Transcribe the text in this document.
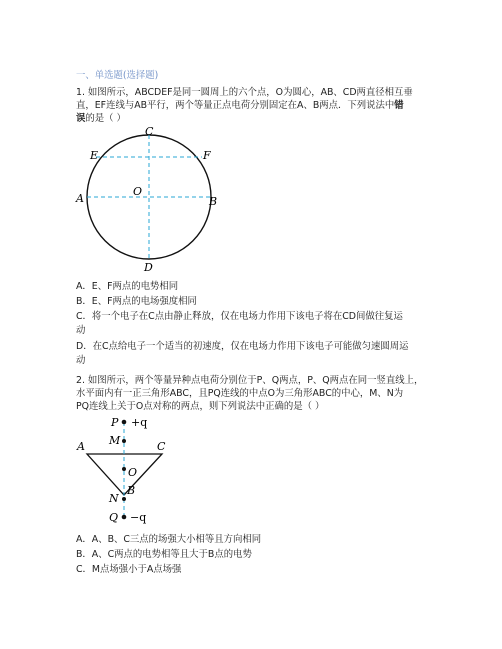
一、单选题(选择题)
1. 如图所示，ABCDEF是同一圆周上的六个点，O为圆心，AB、CD两直径相互垂
直，EF连线与AB平行，两个等量正点电荷分别固定在A、B两点．下列说法中错
误的是（ ）
C
E	F
A
O
B
D
A．E、F两点的电势相同
B．E、F两点的电场强度相同
C．将一个电子在C点由静止释放，仅在电场力作用下该电子将在CD间做往复运
动
D．在C点给电子一个适当的初速度，仅在电场力作用下该电子可能做匀速圆周运
动
2. 如图所示，两个等量异种点电荷分别位于P、Q两点，P、Q两点在同一竖直线上，
水平面内有一正三角形ABC，且PQ连线的中点O为三角形ABC的中心，M、N为
PQ连线上关于O点对称的两点，则下列说法中正确的是（ ）
P +q
M
A	C
O
N
B
Q −q
A．A、B、C三点的场强大小相等且方向相同
B．A、C两点的电势相等且大于B点的电势
C．M点场强小于A点场强
